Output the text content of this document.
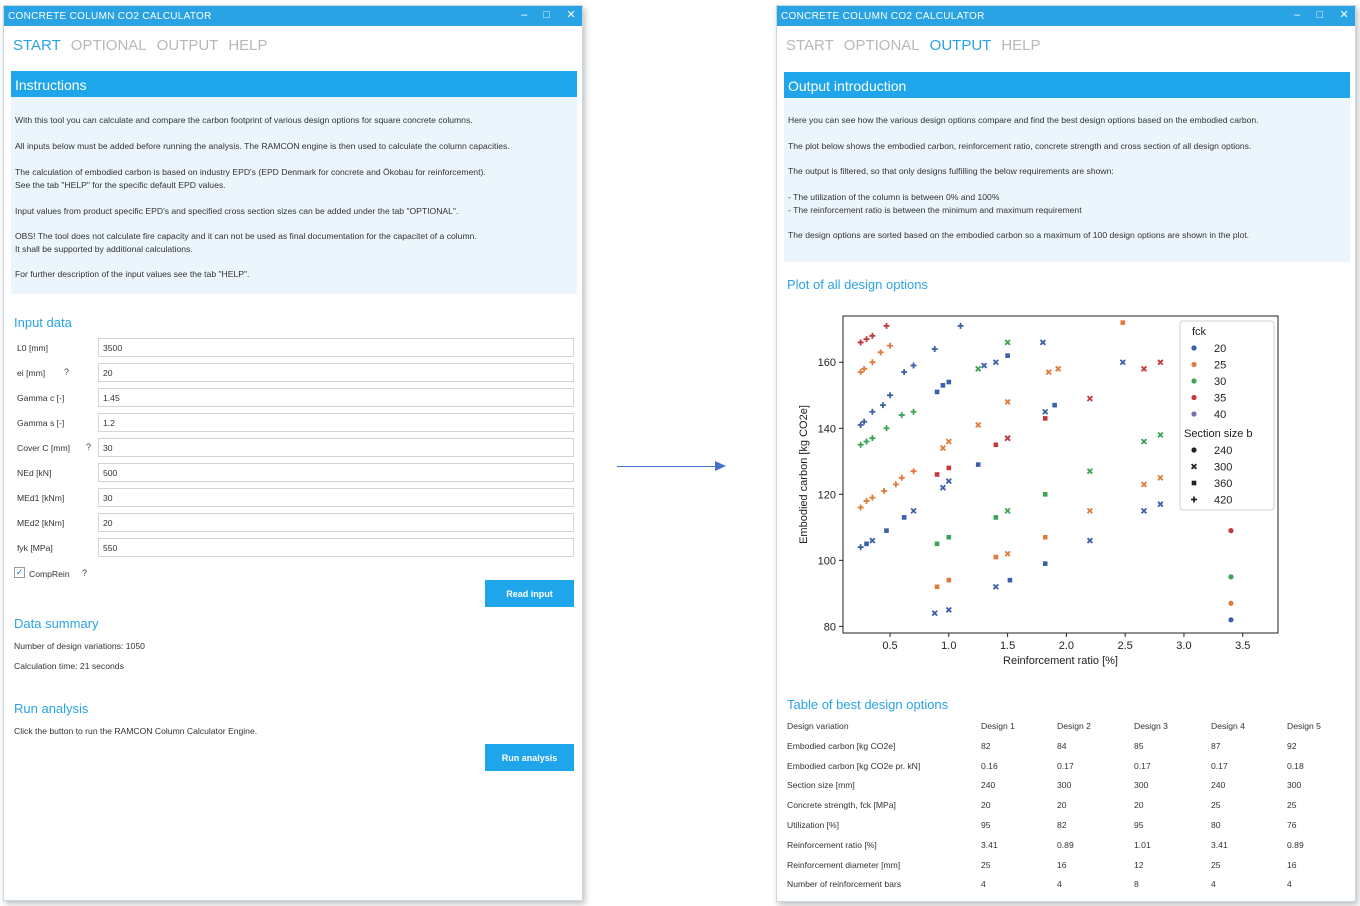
CONCRETE COLUMN CO2 CALCULATOR	– □ ✕
START OPTIONAL OUTPUT HELP
Instructions

With this tool you can calculate and compare the carbon footprint of various design options for square concrete columns.

All inputs below must be added before running the analysis. The RAMCON engine is then used to calculate the column capacities.

The calculation of embodied carbon is based on industry EPD's (EPD Denmark for concrete and Ökobau for reinforcement).

See the tab "HELP" for the specific default EPD values.

Input values from product specific EPD's and specified cross section sizes can be added under the tab "OPTIONAL".

OBS! The tool does not calculate fire capacity and it can not be used as final documentation for the capacitet of a column.

It shall be supported by additional calculations.

For further description of the input values see the tab "HELP".

Input data
L0 [mm]
3500
ei [mm] ?
20
Gamma c [-]
1.45
Gamma s [-]
1.2
Cover C [mm] ?
30
NEd [kN]
500
MEd1 [kNm]
30
MEd2 [kNm]
20
fyk [MPa]
550
✓ CompRein ?
Read input
Data summary
Number of design variations: 1050
Calculation time: 21 seconds
Run analysis
Click the button to run the RAMCON Column Calculator Engine.
Run analysis
CONCRETE COLUMN CO2 CALCULATOR	– □ ✕
START OPTIONAL OUTPUT HELP
Output introduction

Here you can see how the various design options compare and find the best design options based on the embodied carbon.

The plot below shows the embodied carbon, reinforcement ratio, concrete strength and cross section of all design options.

The output is filtered, so that only designs fulfilling the below requirements are shown:

- The utilization of the column is between 0% and 100%

- The reinforcement ratio is between the minimum and maximum requirement

The design options are sorted based on the embodied carbon so a maximum of 100 design options are shown in the plot.

Plot of all design options
0.5	1.0	1.5	2.0	2.5	3.0	3.5
80
100
120
140
160
Reinforcement ratio [%]
Embodied carbon [kg CO2e]
fck
20
25
30
35
40
Section size b
240
300
360
420
Table of best design options
Design variation	Design 1	Design 2	Design 3	Design 4	Design 5
Embodied carbon [kg CO2e]	82	84	85	87	92
Embodied carbon [kg CO2e pr. kN]	0.16	0.17	0.17	0.17	0.18
Section size [mm]	240	300	300	240	300
Concrete strength, fck [MPa]	20	20	20	25	25
Utilization [%]	95	82	95	80	76
Reinforcement ratio [%]	3.41	0.89	1.01	3.41	0.89
Reinforcement diameter [mm]	25	16	12	25	16
Number of reinforcement bars	4	4	8	4	4
